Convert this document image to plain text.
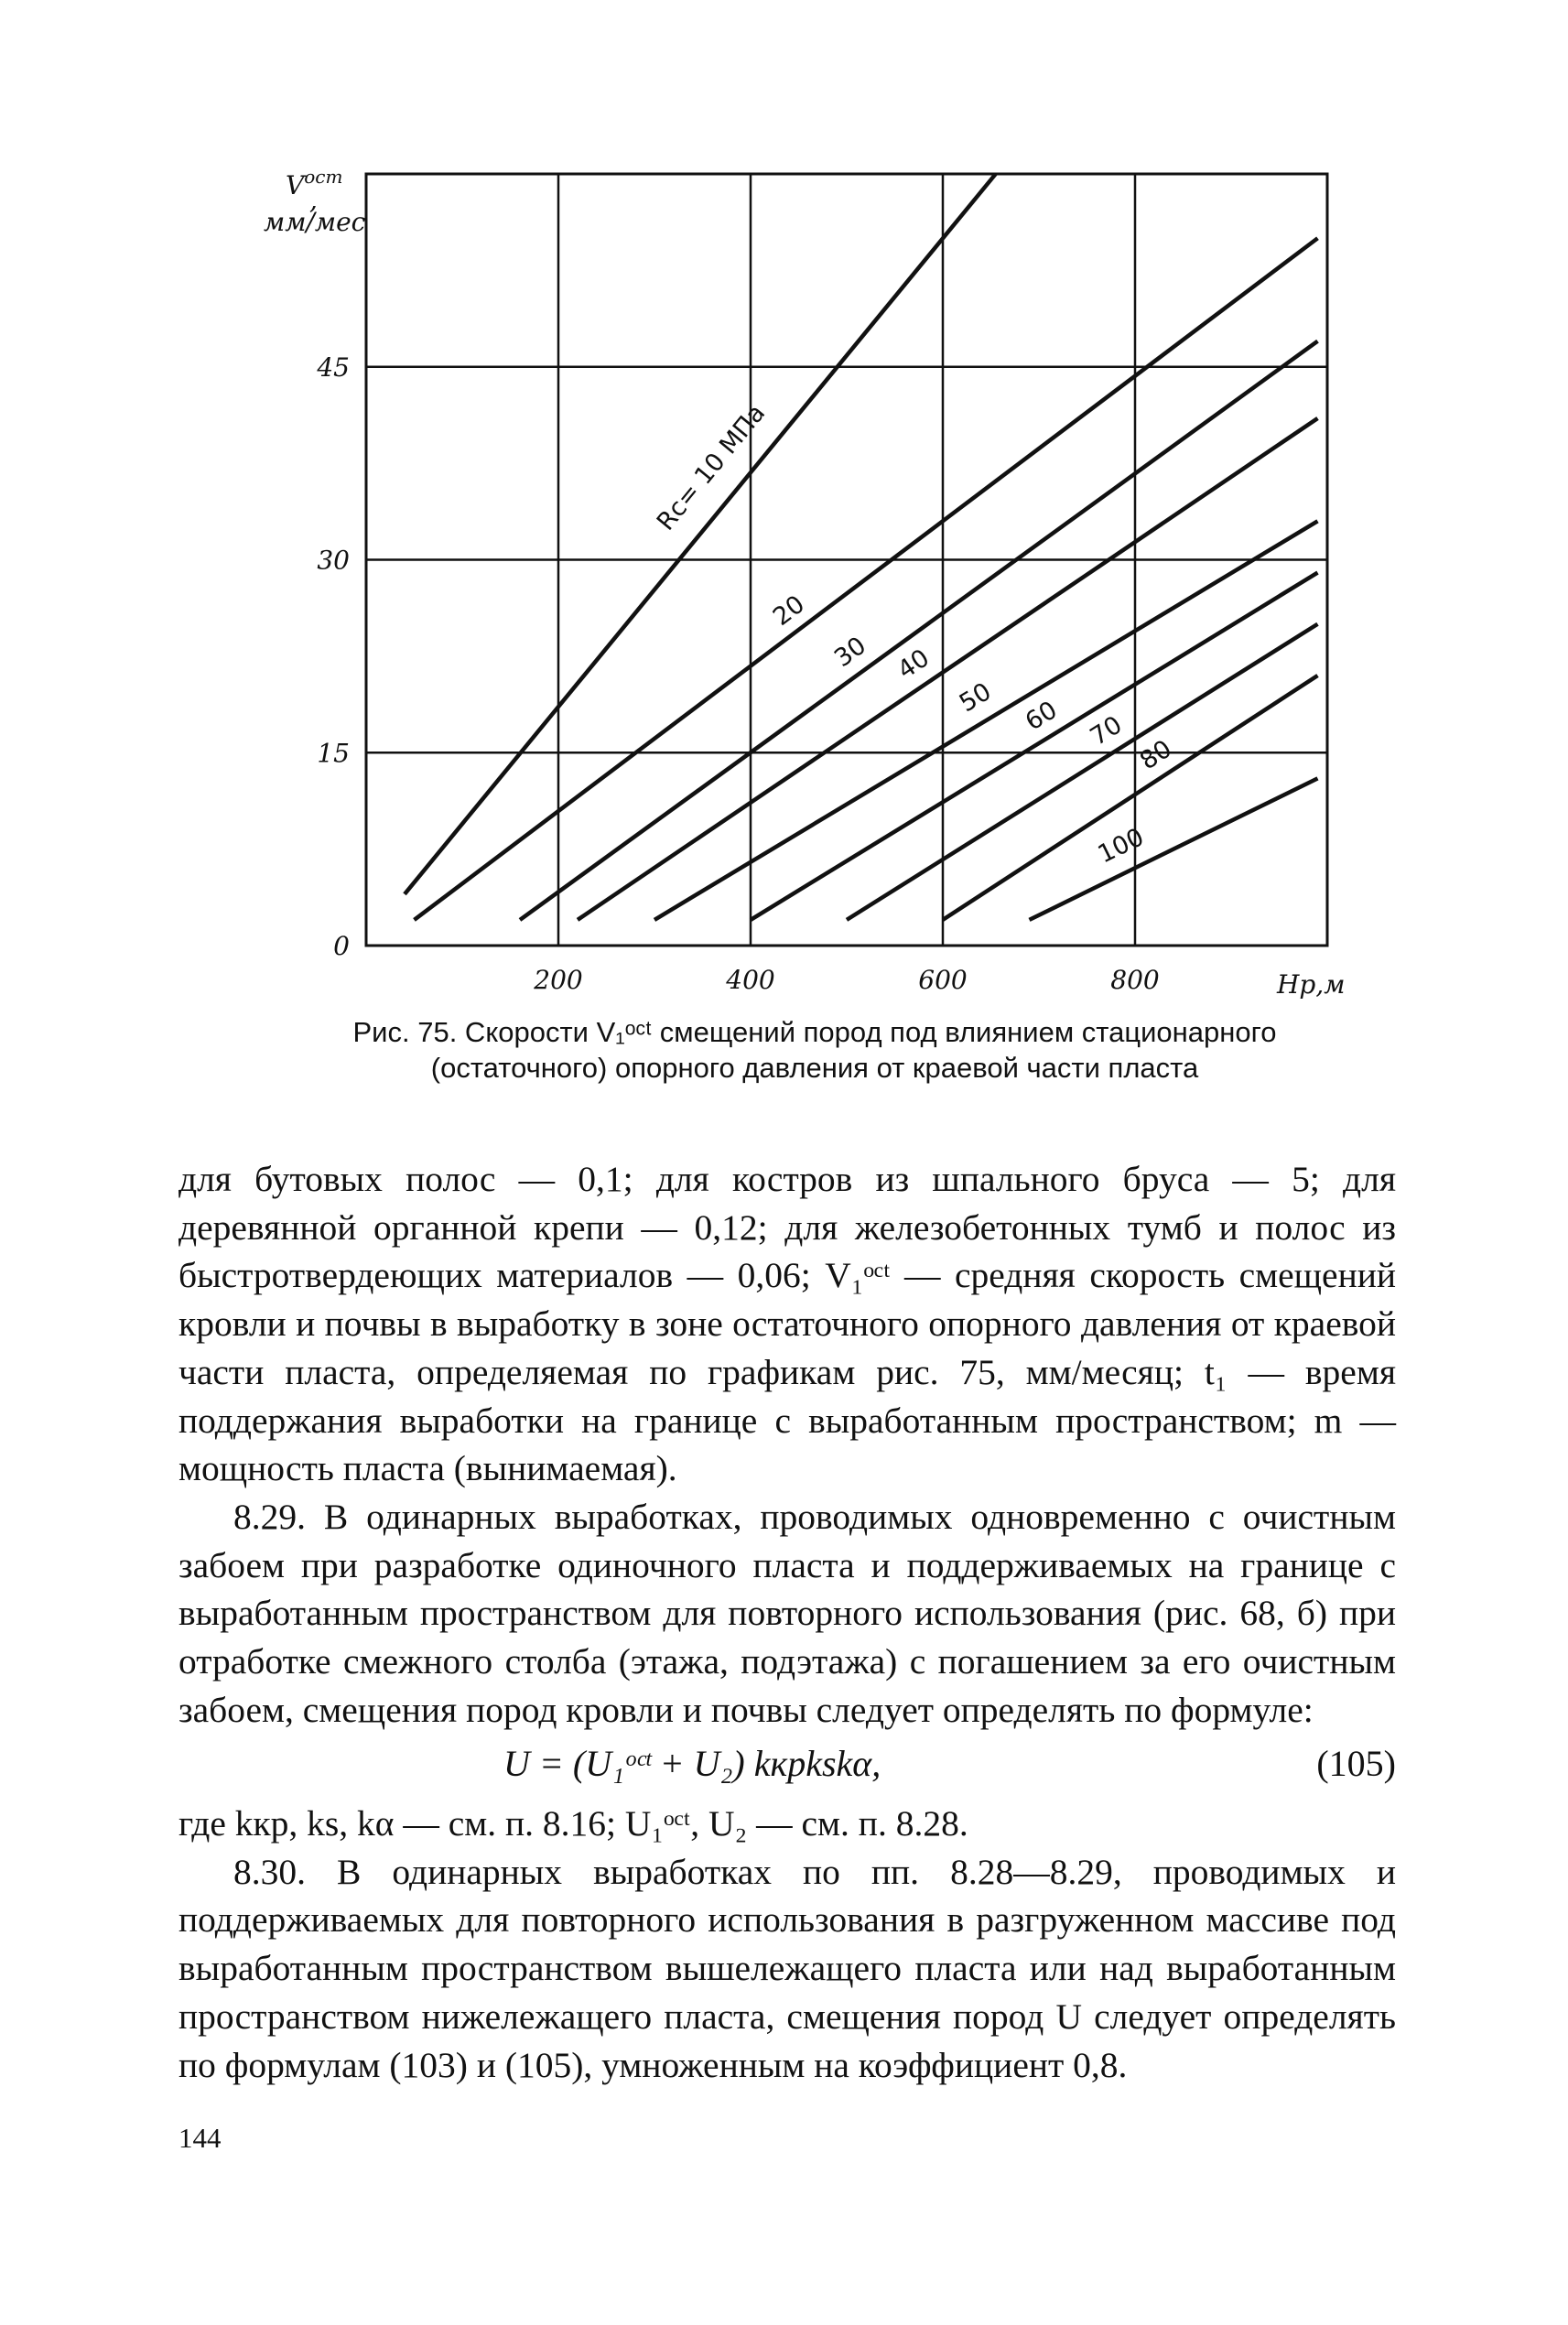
200	400	600	800
0
15
30
45
Rc= 10 МПа
20
30 40
50 60 70
80
100
$V^{ост}$
,
мм/мес
Hp,м
Рис. 75. Скорости V₁ᵒᶜᵗ смещений пород под влиянием стационарного
(остаточного) опорного давления от краевой части пласта

для бутовых полос — 0,1; для костров из шпального бруса — 5; для деревянной органной крепи — 0,12; для железобетонных тумб и полос из быстротвердеющих материалов — 0,06; V₁ᵒᶜᵗ — средняя скорость смещений кровли и почвы в выработку в зоне остаточного опорного давления от краевой части пласта, определяемая по графикам рис. 75, мм/месяц; t₁ — время поддержания выработки на границе с выработанным пространством; m — мощность пласта (вынимаемая).

8.29. В одинарных выработках, проводимых одновременно с очистным забоем при разработке одиночного пласта и поддерживаемых на границе с выработанным пространством для повторного использования (рис. 68, б) при отработке смежного столба (этажа, подэтажа) с погашением за его очистным забоем, смещения пород кровли и почвы следует определять по формуле:

U = (U₁ᵒᶜᵗ + U₂) kкрkskα,	(105)

где kкр, ks, kα — см. п. 8.16; U₁ᵒᶜᵗ, U₂ — см. п. 8.28.

8.30. В одинарных выработках по пп. 8.28—8.29, проводимых и поддерживаемых для повторного использования в разгруженном массиве под выработанным пространством вышележащего пласта или над выработанным пространством нижележащего пласта, смещения пород U следует определять по формулам (103) и (105), умноженным на коэффициент 0,8.

144
